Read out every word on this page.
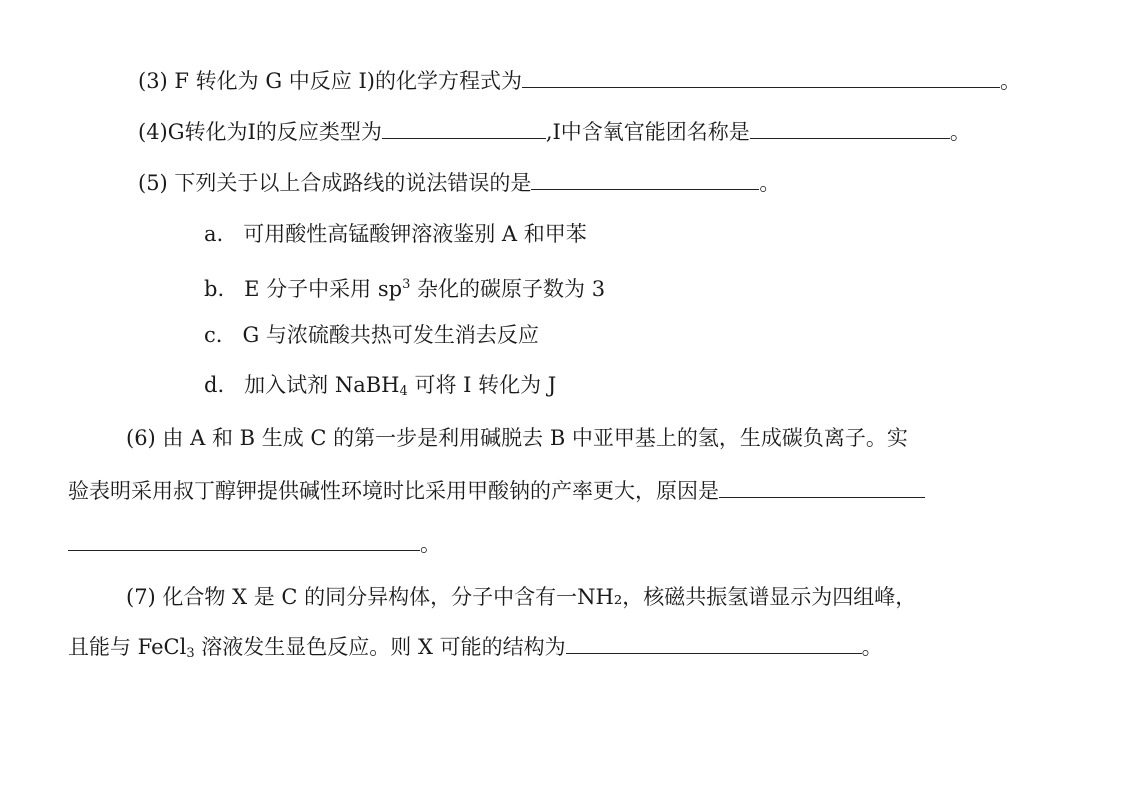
(3) F 转化为 G 中反应 I)的化学方程式为	。
(4)G转化为I的反应类型为	,I中含氧官能团名称是	。
(5) 下列关于以上合成路线的说法错误的是	。
a. 可用酸性高锰酸钾溶液鉴别 A 和甲苯
b. E 分子中采用 $sp^3$ 杂化的碳原子数为 3
c. G 与浓硫酸共热可发生消去反应
d. 加入试剂 NaBH$_4$ 可将 I 转化为 J
(6) 由 A 和 B 生成 C 的第一步是利用碱脱去 B 中亚甲基上的氢，生成碳负离子。实
验表明采用叔丁醇钾提供碱性环境时比采用甲酸钠的产率更大，原因是
。
(7) 化合物 X 是 C 的同分异构体，分子中含有一NH₂，核磁共振氢谱显示为四组峰，
且能与 FeCl$_3$ 溶液发生显色反应。则 X 可能的结构为	。
